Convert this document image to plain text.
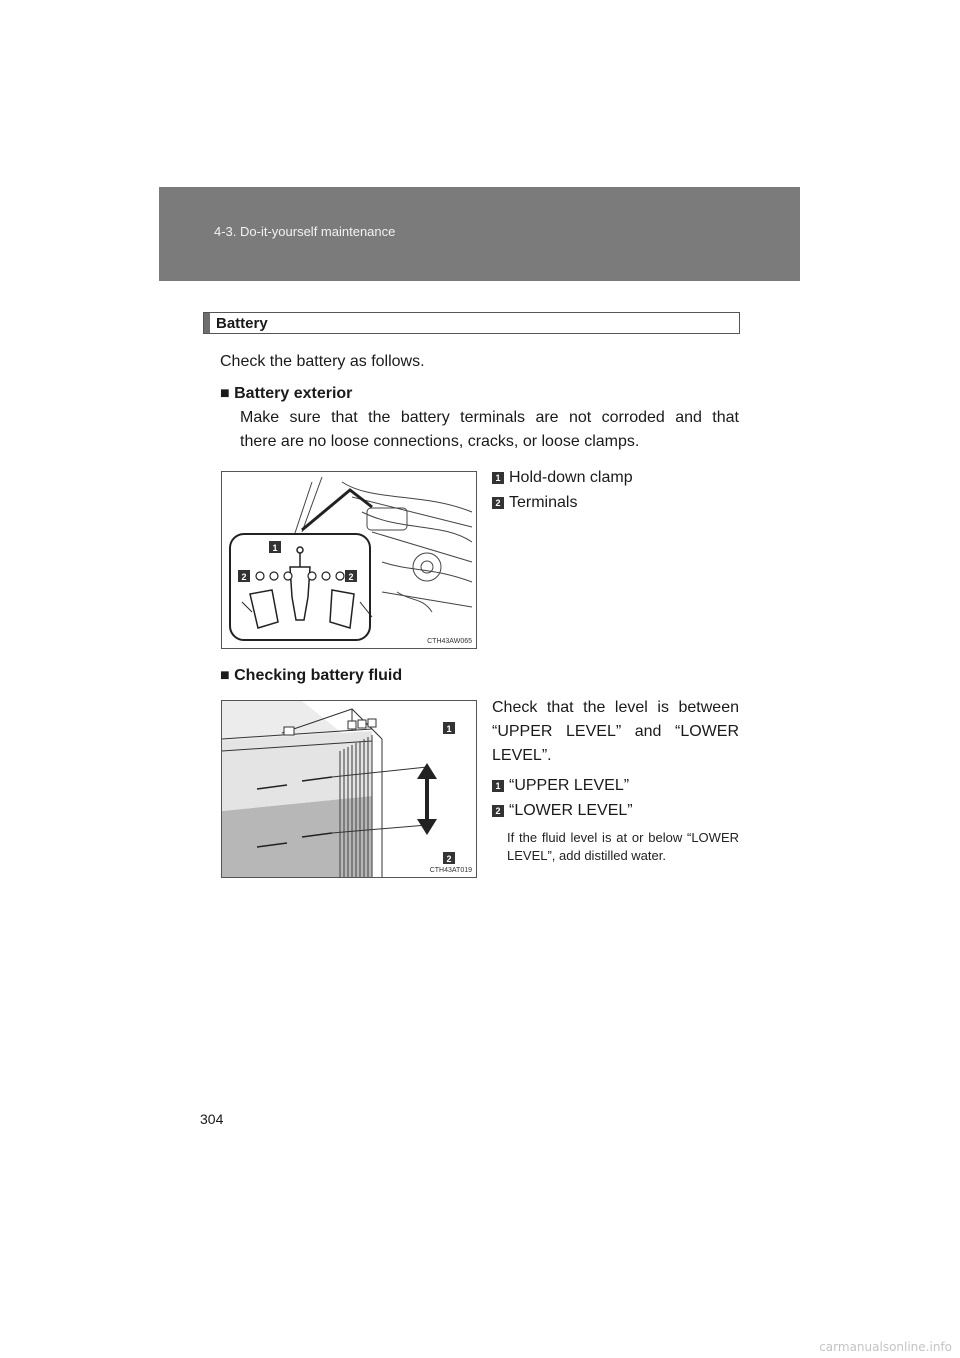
4-3. Do-it-yourself maintenance
Battery
Check the battery as follows.
■ Battery exterior
Make sure that the battery terminals are not corroded and that
there are no loose connections, cracks, or loose clamps.
1
2	2
CTH43AW065
1 Hold-down clamp
2 Terminals
■ Checking battery fluid
1
2
CTH43AT019
Check that the level is between
“UPPER LEVEL” and “LOWER
LEVEL”.
1 “UPPER LEVEL”
2 “LOWER LEVEL”
If the fluid level is at or below “LOWER LEVEL”, add distilled water.
304
carmanualsonline.info
